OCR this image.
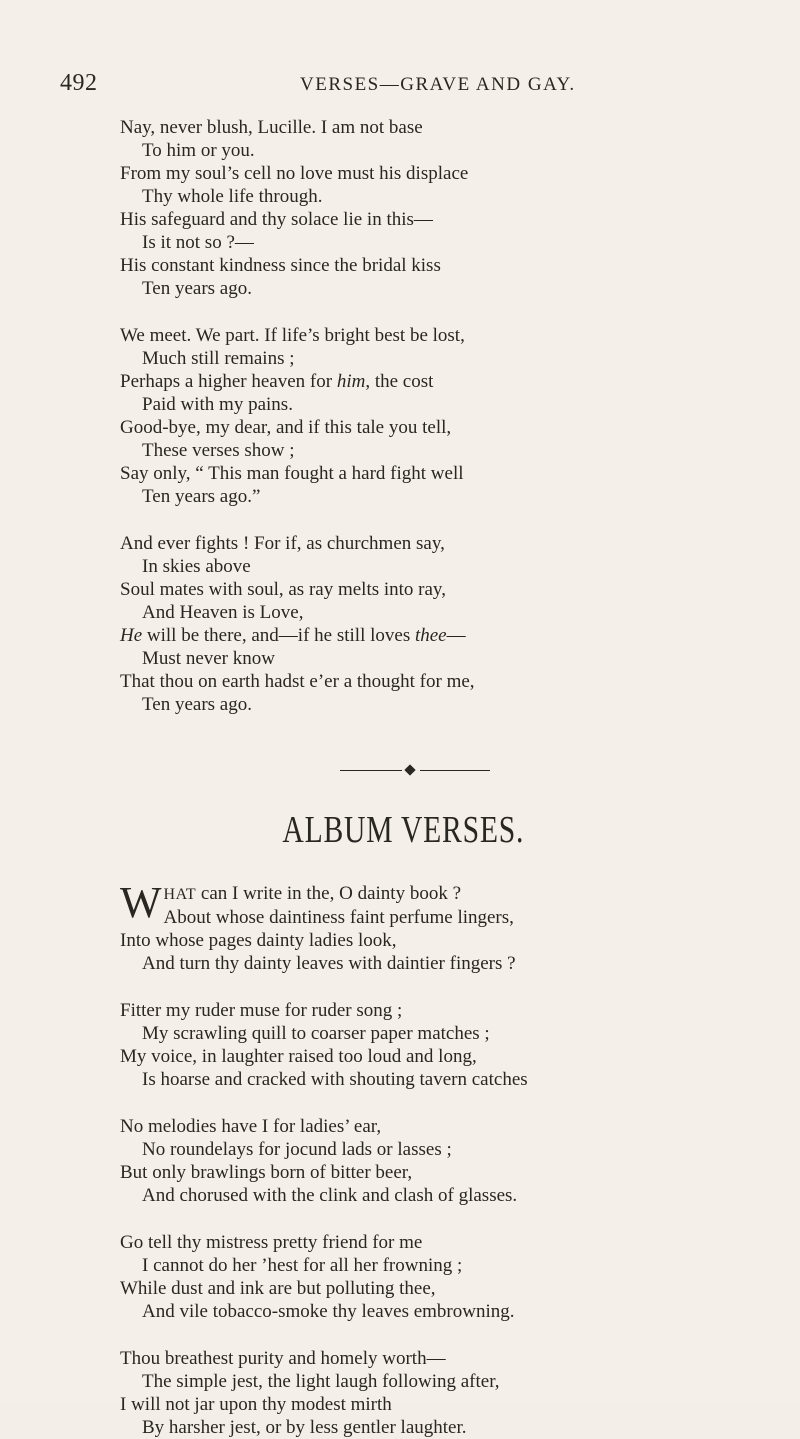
492	VERSES—GRAVE AND GAY.
Nay, never blush, Lucille. I am not base
To him or you.
From my soul’s cell no love must his displace
Thy whole life through.
His safeguard and thy solace lie in this—
Is it not so ?—
His constant kindness since the bridal kiss
Ten years ago.
We meet. We part. If life’s bright best be lost,
Much still remains ;
Perhaps a higher heaven for him, the cost
Paid with my pains.
Good-bye, my dear, and if this tale you tell,
These verses show ;
Say only, “ This man fought a hard fight well
Ten years ago.”
And ever fights ! For if, as churchmen say,
In skies above
Soul mates with soul, as ray melts into ray,
And Heaven is Love,
He will be there, and—if he still loves thee—
Must never know
That thou on earth hadst e’er a thought for me,
Ten years ago.
ALBUM VERSES.
W HAT can I write in the, O dainty book ?
About whose daintiness faint perfume lingers,
Into whose pages dainty ladies look,
And turn thy dainty leaves with daintier fingers ?
Fitter my ruder muse for ruder song ;
My scrawling quill to coarser paper matches ;
My voice, in laughter raised too loud and long,
Is hoarse and cracked with shouting tavern catches
No melodies have I for ladies’ ear,
No roundelays for jocund lads or lasses ;
But only brawlings born of bitter beer,
And chorused with the clink and clash of glasses.
Go tell thy mistress pretty friend for me
I cannot do her ’hest for all her frowning ;
While dust and ink are but polluting thee,
And vile tobacco-smoke thy leaves embrowning.
Thou breathest purity and homely worth—
The simple jest, the light laugh following after,
I will not jar upon thy modest mirth
By harsher jest, or by less gentler laughter.
